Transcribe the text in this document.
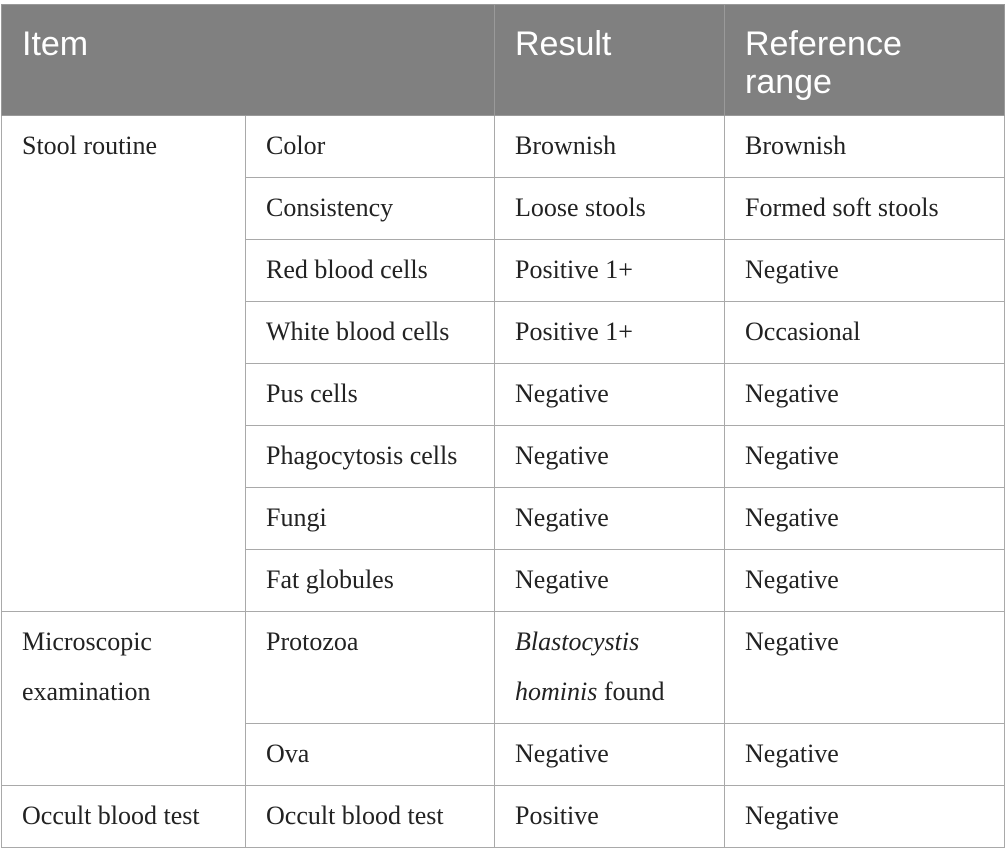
Item		Result	Reference range
Stool routine	Color	Brownish	Brownish
	Consistency	Loose stools	Formed soft stools
	Red blood cells	Positive 1+	Negative
	White blood cells	Positive 1+	Occasional
	Pus cells	Negative	Negative
	Phagocytosis cells	Negative	Negative
	Fungi	Negative	Negative
	Fat globules	Negative	Negative
Microscopic examination	Protozoa	Blastocystis hominis found	Negative
	Ova	Negative	Negative
Occult blood test	Occult blood test	Positive	Negative
